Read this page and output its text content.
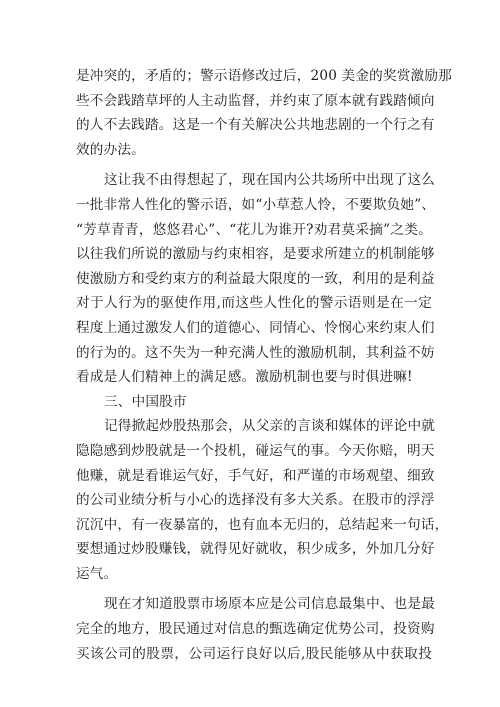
是冲突的，矛盾的；警示语修改过后，200 美金的奖赏激励那
些不会践踏草坪的人主动监督，并约束了原本就有践踏倾向
的人不去践踏。这是一个有关解决公共地悲剧的一个行之有
效的办法。
这让我不由得想起了，现在国内公共场所中出现了这么
一批非常人性化的警示语，如“小草惹人怜，不要欺负她”、
“芳草青青，悠悠君心”、“花儿为谁开?劝君莫采摘”之类。
以往我们所说的激励与约束相容，是要求所建立的机制能够
使激励方和受约束方的利益最大限度的一致，利用的是利益
对于人行为的驱使作用,而这些人性化的警示语则是在一定
程度上通过激发人们的道德心、同情心、怜悯心来约束人们
的行为的。这不失为一种充满人性的激励机制，其利益不妨
看成是人们精神上的满足感。激励机制也要与时俱进嘛!
三、中国股市
记得掀起炒股热那会，从父亲的言谈和媒体的评论中就
隐隐感到炒股就是一个投机，碰运气的事。今天你赔，明天
他赚，就是看谁运气好，手气好，和严谨的市场观望、细致
的公司业绩分析与小心的选择没有多大关系。在股市的浮浮
沉沉中，有一夜暴富的，也有血本无归的，总结起来一句话，
要想通过炒股赚钱，就得见好就收，积少成多，外加几分好
运气。
现在才知道股票市场原本应是公司信息最集中、也是最
完全的地方，股民通过对信息的甄选确定优势公司，投资购
买该公司的股票，公司运行良好以后,股民能够从中获取投
